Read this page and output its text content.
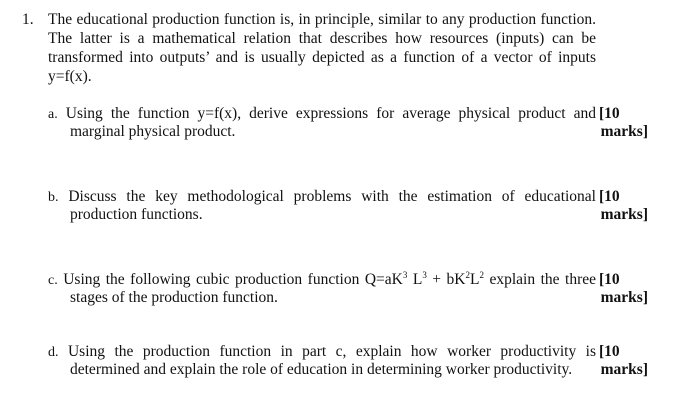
1. The educational production function is, in principle, similar to any production function.
The latter is a mathematical relation that describes how resources (inputs) can be
transformed into outputs’ and is usually depicted as a function of a vector of inputs
y=f(x).
a. Using the function y=f(x), derive expressions for average physical product and
marginal physical product.
[10
marks]
b. Discuss the key methodological problems with the estimation of educational
production functions.
[10
marks]
c. Using the following cubic production function $Q=aK^3$ $L^3 + bK^2L^2$ explain the three
stages of the production function.
[10
marks]
d. Using the production function in part c, explain how worker productivity is
determined and explain the role of education in determining worker productivity.
[10
marks]
